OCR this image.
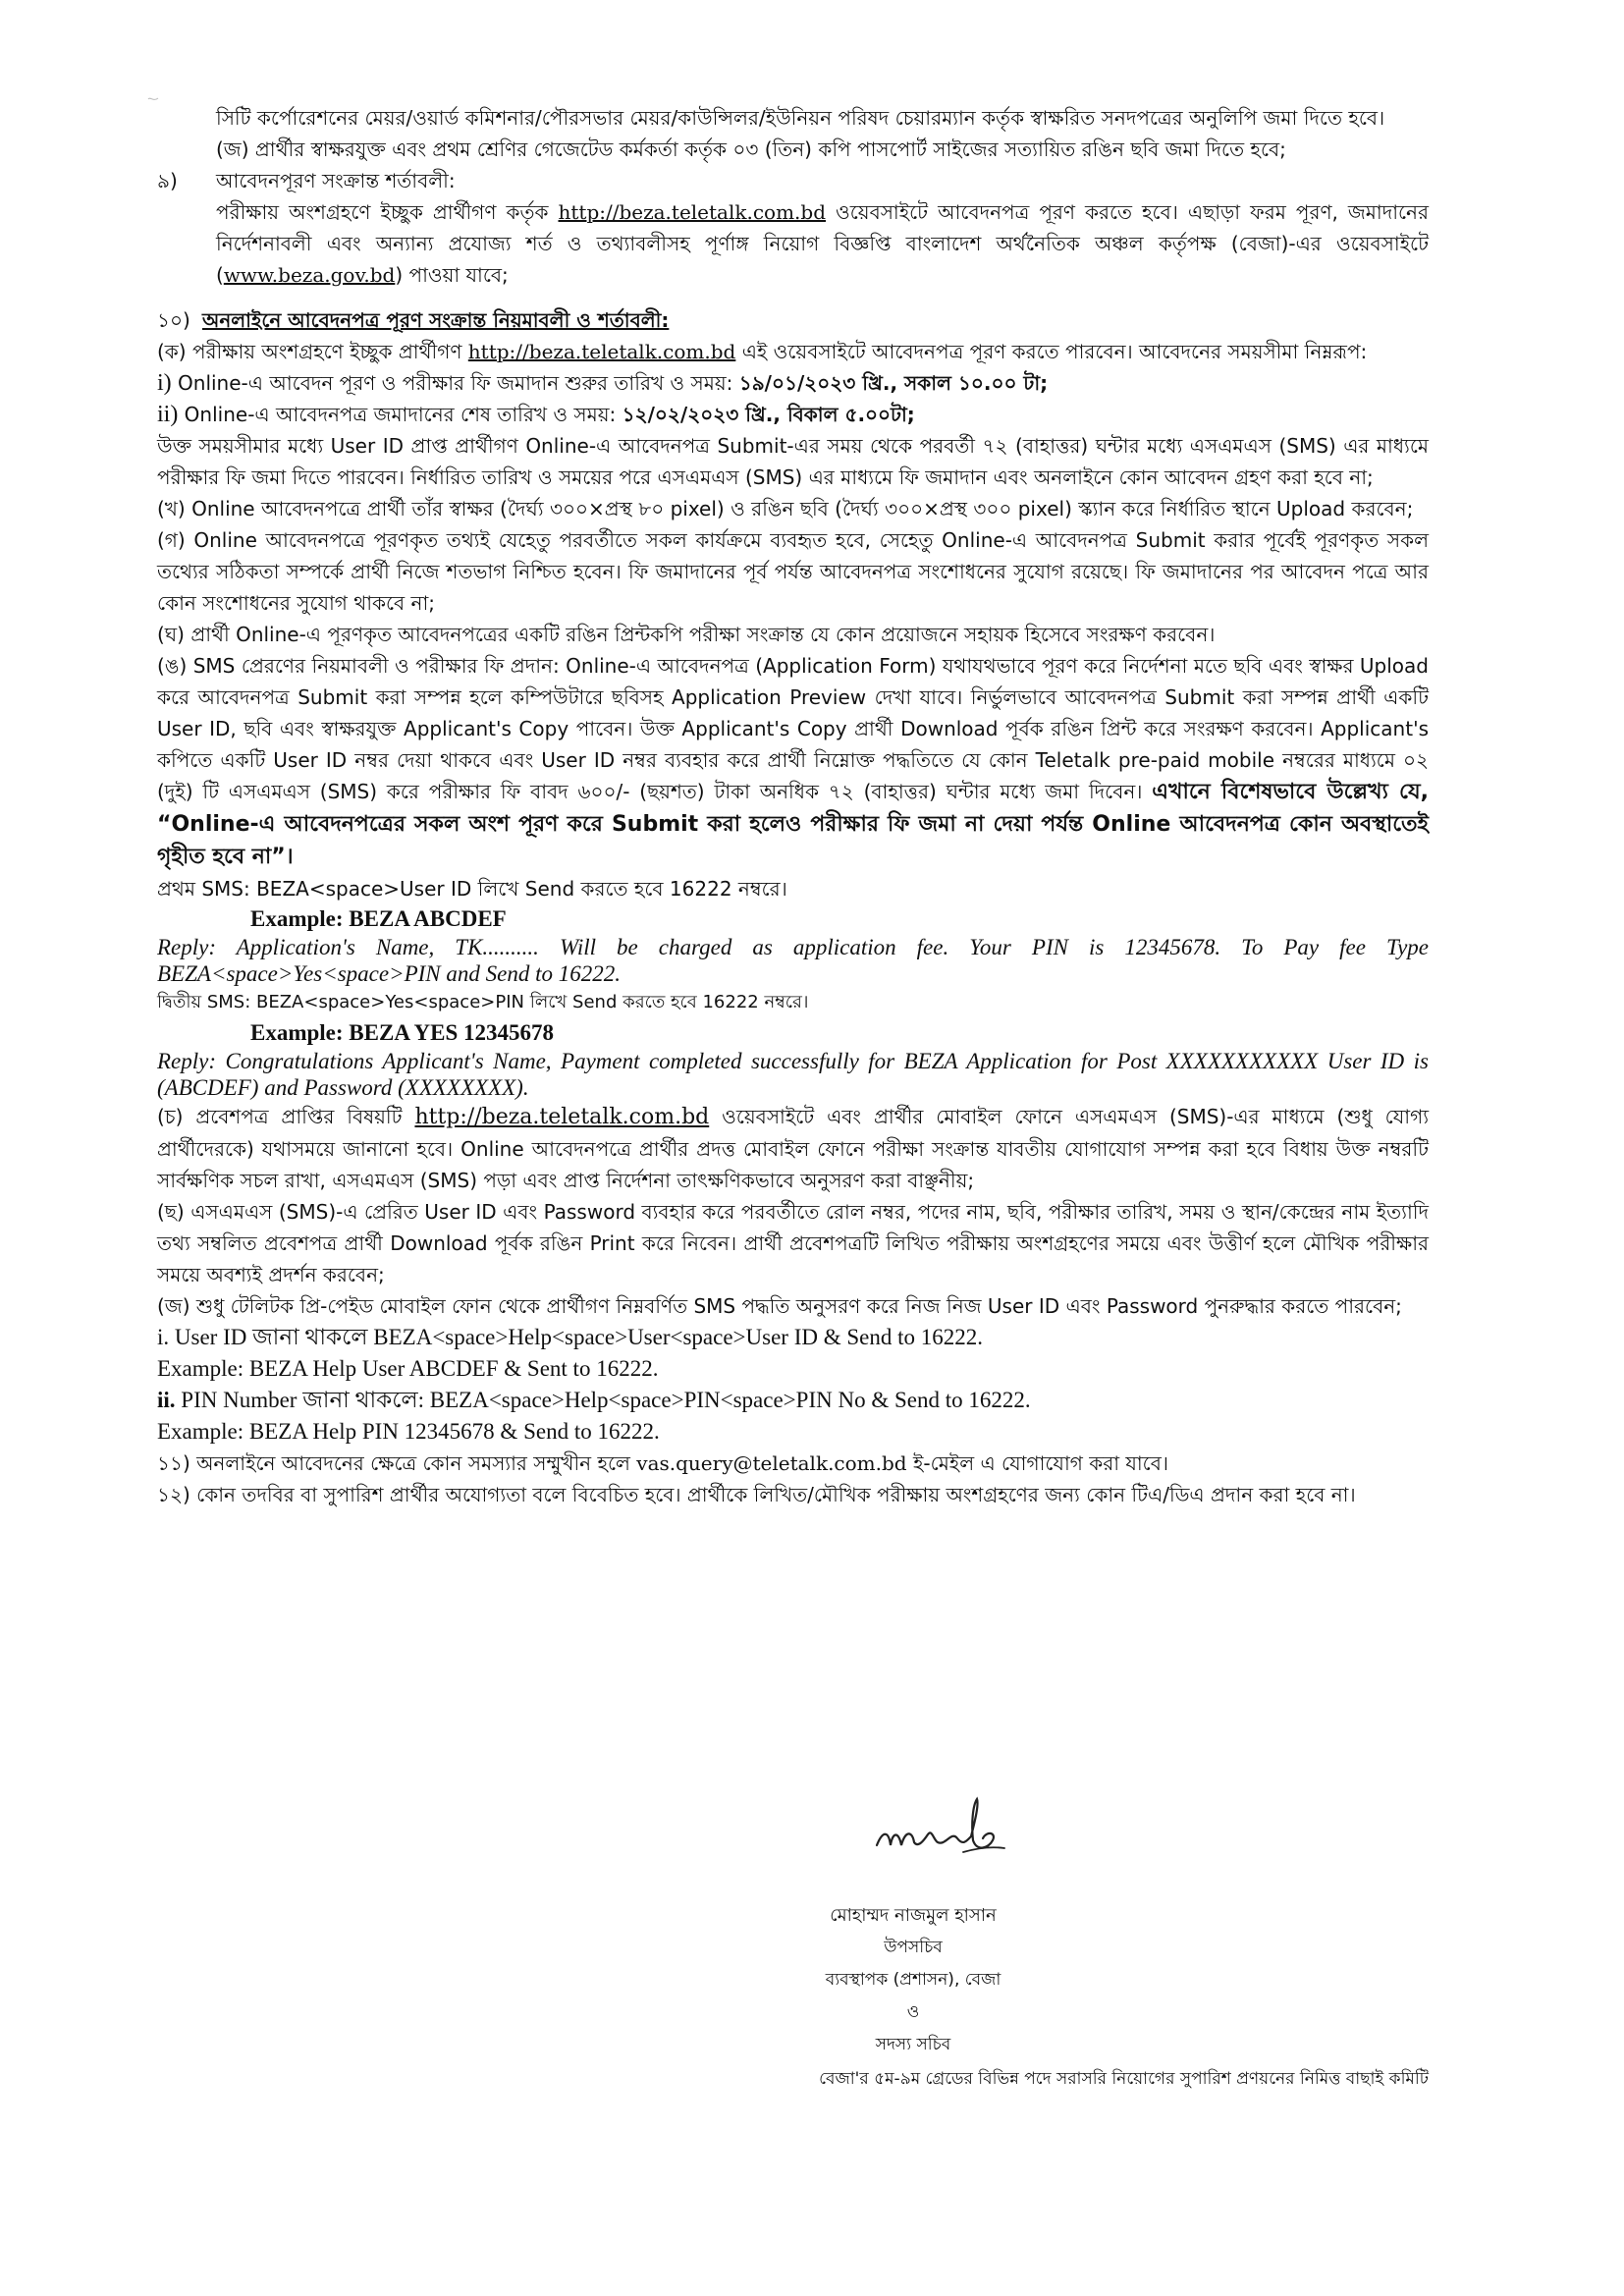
সিটি কর্পোরেশনের মেয়র/ওয়ার্ড কমিশনার/পৌরসভার মেয়র/কাউন্সিলর/ইউনিয়ন পরিষদ চেয়ারম্যান কর্তৃক স্বাক্ষরিত সনদপত্রের অনুলিপি জমা দিতে হবে।

(জ) প্রার্থীর স্বাক্ষরযুক্ত এবং প্রথম শ্রেণির গেজেটেড কর্মকর্তা কর্তৃক ০৩ (তিন) কপি পাসপোর্ট সাইজের সত্যায়িত রঙিন ছবি জমা দিতে হবে;

৯) আবেদনপূরণ সংক্রান্ত শর্তাবলী:

পরীক্ষায় অংশগ্রহণে ইচ্ছুক প্রার্থীগণ কর্তৃক http://beza.teletalk.com.bd ওয়েবসাইটে আবেদনপত্র পূরণ করতে হবে। এছাড়া ফরম পূরণ, জমাদানের নির্দেশনাবলী এবং অন্যান্য প্রযোজ্য শর্ত ও তথ্যাবলীসহ পূর্ণাঙ্গ নিয়োগ বিজ্ঞপ্তি বাংলাদেশ অর্থনৈতিক অঞ্চল কর্তৃপক্ষ (বেজা)-এর ওয়েবসাইটে (www.beza.gov.bd) পাওয়া যাবে;

১০) অনলাইনে আবেদনপত্র পূরণ সংক্রান্ত নিয়মাবলী ও শর্তাবলী:

(ক) পরীক্ষায় অংশগ্রহণে ইচ্ছুক প্রার্থীগণ http://beza.teletalk.com.bd এই ওয়েবসাইটে আবেদনপত্র পূরণ করতে পারবেন। আবেদনের সময়সীমা নিম্নরূপ:

i) Online-এ আবেদন পূরণ ও পরীক্ষার ফি জমাদান শুরুর তারিখ ও সময়: ১৯/০১/২০২৩ খ্রি., সকাল ১০.০০ টা;

ii) Online-এ আবেদনপত্র জমাদানের শেষ তারিখ ও সময়: ১২/০২/২০২৩ খ্রি., বিকাল ৫.০০টা;

উক্ত সময়সীমার মধ্যে User ID প্রাপ্ত প্রার্থীগণ Online-এ আবেদনপত্র Submit-এর সময় থেকে পরবর্তী ৭২ (বাহাত্তর) ঘন্টার মধ্যে এসএমএস (SMS) এর মাধ্যমে পরীক্ষার ফি জমা দিতে পারবেন। নির্ধারিত তারিখ ও সময়ের পরে এসএমএস (SMS) এর মাধ্যমে ফি জমাদান এবং অনলাইনে কোন আবেদন গ্রহণ করা হবে না;

(খ) Online আবেদনপত্রে প্রার্থী তাঁর স্বাক্ষর (দৈর্ঘ্য ৩০০×প্রস্থ ৮০ pixel) ও রঙিন ছবি (দৈর্ঘ্য ৩০০×প্রস্থ ৩০০ pixel) স্ক্যান করে নির্ধারিত স্থানে Upload করবেন;

(গ) Online আবেদনপত্রে পূরণকৃত তথ্যই যেহেতু পরবর্তীতে সকল কার্যক্রমে ব্যবহৃত হবে, সেহেতু Online-এ আবেদনপত্র Submit করার পূর্বেই পূরণকৃত সকল তথ্যের সঠিকতা সম্পর্কে প্রার্থী নিজে শতভাগ নিশ্চিত হবেন। ফি জমাদানের পূর্ব পর্যন্ত আবেদনপত্র সংশোধনের সুযোগ রয়েছে। ফি জমাদানের পর আবেদন পত্রে আর কোন সংশোধনের সুযোগ থাকবে না;

(ঘ) প্রার্থী Online-এ পূরণকৃত আবেদনপত্রের একটি রঙিন প্রিন্টকপি পরীক্ষা সংক্রান্ত যে কোন প্রয়োজনে সহায়ক হিসেবে সংরক্ষণ করবেন।

(ঙ) SMS প্রেরণের নিয়মাবলী ও পরীক্ষার ফি প্রদান: Online-এ আবেদনপত্র (Application Form) যথাযথভাবে পূরণ করে নির্দেশনা মতে ছবি এবং স্বাক্ষর Upload করে আবেদনপত্র Submit করা সম্পন্ন হলে কম্পিউটারে ছবিসহ Application Preview দেখা যাবে। নির্ভুলভাবে আবেদনপত্র Submit করা সম্পন্ন প্রার্থী একটি User ID, ছবি এবং স্বাক্ষরযুক্ত Applicant's Copy পাবেন। উক্ত Applicant's Copy প্রার্থী Download পূর্বক রঙিন প্রিন্ট করে সংরক্ষণ করবেন। Applicant's কপিতে একটি User ID নম্বর দেয়া থাকবে এবং User ID নম্বর ব্যবহার করে প্রার্থী নিম্নোক্ত পদ্ধতিতে যে কোন Teletalk pre-paid mobile নম্বরের মাধ্যমে ০২ (দুই) টি এসএমএস (SMS) করে পরীক্ষার ফি বাবদ ৬০০/- (ছয়শত) টাকা অনধিক ৭২ (বাহাত্তর) ঘন্টার মধ্যে জমা দিবেন। এখানে বিশেষভাবে উল্লেখ্য যে, “Online-এ আবেদনপত্রের সকল অংশ পূরণ করে Submit করা হলেও পরীক্ষার ফি জমা না দেয়া পর্যন্ত Online আবেদনপত্র কোন অবস্থাতেই গৃহীত হবে না”।

প্রথম SMS: BEZA<space>User ID লিখে Send করতে হবে 16222 নম্বরে।

Example: BEZA ABCDEF

Reply: Application's Name, TK.......... Will be charged as application fee. Your PIN is 12345678. To Pay fee Type BEZA<space>Yes<space>PIN and Send to 16222.

দ্বিতীয় SMS: BEZA<space>Yes<space>PIN লিখে Send করতে হবে 16222 নম্বরে।

Example: BEZA YES 12345678

Reply: Congratulations Applicant's Name, Payment completed successfully for BEZA Application for Post XXXXXXXXXXX User ID is (ABCDEF) and Password (XXXXXXXX).

(চ) প্রবেশপত্র প্রাপ্তির বিষয়টি http://beza.teletalk.com.bd ওয়েবসাইটে এবং প্রার্থীর মোবাইল ফোনে এসএমএস (SMS)-এর মাধ্যমে (শুধু যোগ্য প্রার্থীদেরকে) যথাসময়ে জানানো হবে। Online আবেদনপত্রে প্রার্থীর প্রদত্ত মোবাইল ফোনে পরীক্ষা সংক্রান্ত যাবতীয় যোগাযোগ সম্পন্ন করা হবে বিধায় উক্ত নম্বরটি সার্বক্ষণিক সচল রাখা, এসএমএস (SMS) পড়া এবং প্রাপ্ত নির্দেশনা তাৎক্ষণিকভাবে অনুসরণ করা বাঞ্ছনীয়;

(ছ) এসএমএস (SMS)-এ প্রেরিত User ID এবং Password ব্যবহার করে পরবর্তীতে রোল নম্বর, পদের নাম, ছবি, পরীক্ষার তারিখ, সময় ও স্থান/কেন্দ্রের নাম ইত্যাদি তথ্য সম্বলিত প্রবেশপত্র প্রার্থী Download পূর্বক রঙিন Print করে নিবেন। প্রার্থী প্রবেশপত্রটি লিখিত পরীক্ষায় অংশগ্রহণের সময়ে এবং উত্তীর্ণ হলে মৌখিক পরীক্ষার সময়ে অবশ্যই প্রদর্শন করবেন;

(জ) শুধু টেলিটক প্রি-পেইড মোবাইল ফোন থেকে প্রার্থীগণ নিম্নবর্ণিত SMS পদ্ধতি অনুসরণ করে নিজ নিজ User ID এবং Password পুনরুদ্ধার করতে পারবেন;

i. User ID জানা থাকলে BEZA<space>Help<space>User<space>User ID & Send to 16222.

Example: BEZA Help User ABCDEF & Sent to 16222.

ii. PIN Number জানা থাকলে: BEZA<space>Help<space>PIN<space>PIN No & Send to 16222.

Example: BEZA Help PIN 12345678 & Send to 16222.

১১) অনলাইনে আবেদনের ক্ষেত্রে কোন সমস্যার সম্মুখীন হলে vas.query@teletalk.com.bd ই-মেইল এ যোগাযোগ করা যাবে।

১২) কোন তদবির বা সুপারিশ প্রার্থীর অযোগ্যতা বলে বিবেচিত হবে। প্রার্থীকে লিখিত/মৌখিক পরীক্ষায় অংশগ্রহণের জন্য কোন টিএ/ডিএ প্রদান করা হবে না।

মোহাম্মদ নাজমুল হাসান

উপসচিব

ব্যবস্থাপক (প্রশাসন), বেজা

ও

সদস্য সচিব

বেজা'র ৫ম-৯ম গ্রেডের বিভিন্ন পদে সরাসরি নিয়োগের সুপারিশ প্রণয়নের নিমিত্ত বাছাই কমিটি
